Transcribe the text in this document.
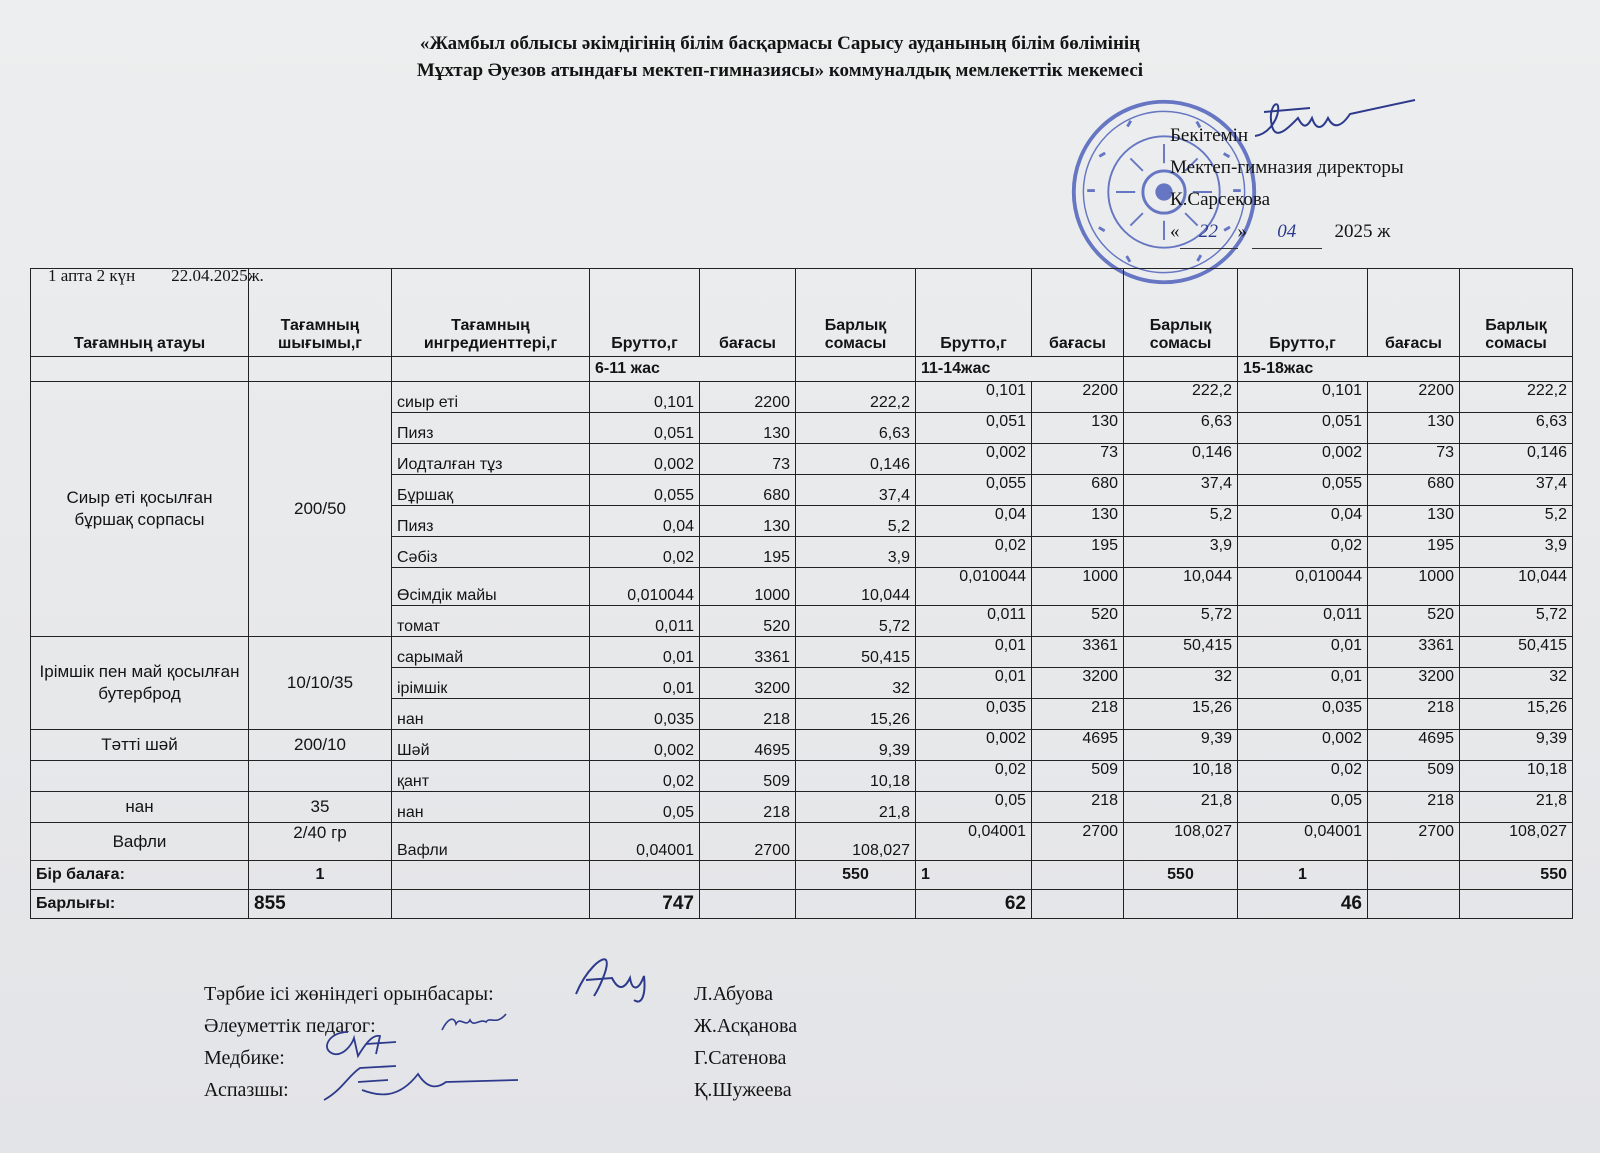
«Жамбыл облысы әкімдігінің білім басқармасы Сарысу ауданының білім бөлімінің
Мұхтар Әуезов атындағы мектеп-гимназиясы» коммуналдық мемлекеттік мекемесі
Бекітемін
Мектеп-гимназия директоры
К.Сарсекова
« 22 » 04 2025 ж
1 апта 2 күн 22.04.2025ж.
Тағамның атауы	Тағамның шығымы,г	Тағамның ингредиенттері,г	Брутто,г	бағасы	Барлық сомасы	Брутто,г	бағасы	Барлық сомасы	Брутто,г	бағасы	Барлық сомасы
			6-11 жас			11-14жас			15-18жас		
Сиыр еті қосылған бұршақ сорпасы	200/50	сиыр еті	0,101	2200	222,2	0,101	2200	222,2	0,101	2200	222,2
		Пияз	0,051	130	6,63	0,051	130	6,63	0,051	130	6,63
		Иодталған тұз	0,002	73	0,146	0,002	73	0,146	0,002	73	0,146
		Бұршақ	0,055	680	37,4	0,055	680	37,4	0,055	680	37,4
		Пияз	0,04	130	5,2	0,04	130	5,2	0,04	130	5,2
		Сәбіз	0,02	195	3,9	0,02	195	3,9	0,02	195	3,9
		Өсімдік майы	0,010044	1000	10,044	0,010044	1000	10,044	0,010044	1000	10,044
		томат	0,011	520	5,72	0,011	520	5,72	0,011	520	5,72
Ірімшік пен май қосылған бутерброд	10/10/35	сарымай	0,01	3361	50,415	0,01	3361	50,415	0,01	3361	50,415
		ірімшік	0,01	3200	32	0,01	3200	32	0,01	3200	32
		нан	0,035	218	15,26	0,035	218	15,26	0,035	218	15,26
Тәтті шәй	200/10	Шәй	0,002	4695	9,39	0,002	4695	9,39	0,002	4695	9,39
		қант	0,02	509	10,18	0,02	509	10,18	0,02	509	10,18
нан	35	нан	0,05	218	21,8	0,05	218	21,8	0,05	218	21,8
Вафли	2/40 гр	Вафли	0,04001	2700	108,027	0,04001	2700	108,027	0,04001	2700	108,027
Бір балаға:	1				550	1		550	1		550
Барлығы:	855		747			62			46		
Тәрбие ісі жөніндегі орынбасары:	Л.Абуова
Әлеуметтік педагог:	Ж.Асқанова
Медбике:	Г.Сатенова
Аспазшы:	Қ.Шужеева
